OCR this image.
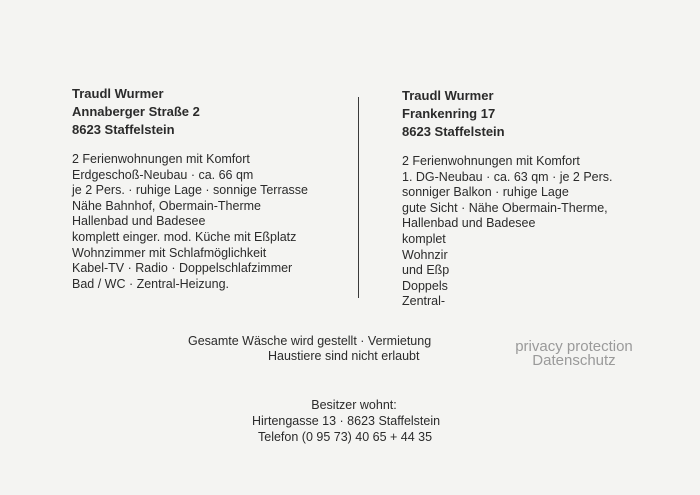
Traudl Wurmer
Annaberger Straße 2
8623 Staffelstein
2 Ferienwohnungen mit Komfort
Erdgeschoß-Neubau · ca. 66 qm
je 2 Pers. · ruhige Lage · sonnige Terrasse
Nähe Bahnhof, Obermain-Therme
Hallenbad und Badesee
komplett einger. mod. Küche mit Eßplatz
Wohnzimmer mit Schlafmöglichkeit
Kabel-TV · Radio · Doppelschlafzimmer
Bad / WC · Zentral-Heizung.
Traudl Wurmer
Frankenring 17
8623 Staffelstein
2 Ferienwohnungen mit Komfort
1. DG-Neubau · ca. 63 qm · je 2 Pers.
sonniger Balkon · ruhige Lage
gute Sicht · Nähe Obermain-Therme,
Hallenbad und Badesee
komplet
Wohnzir
und Eßp
Doppels
Zentral-
Gesamte Wäsche wird gestellt · Vermietung
Haustiere sind nicht erlaubt
Besitzer wohnt:
Hirtengasse 13 · 8623 Staffelstein
Telefon (0 95 73) 40 65 + 44 35
privacy protection
Datenschutz
